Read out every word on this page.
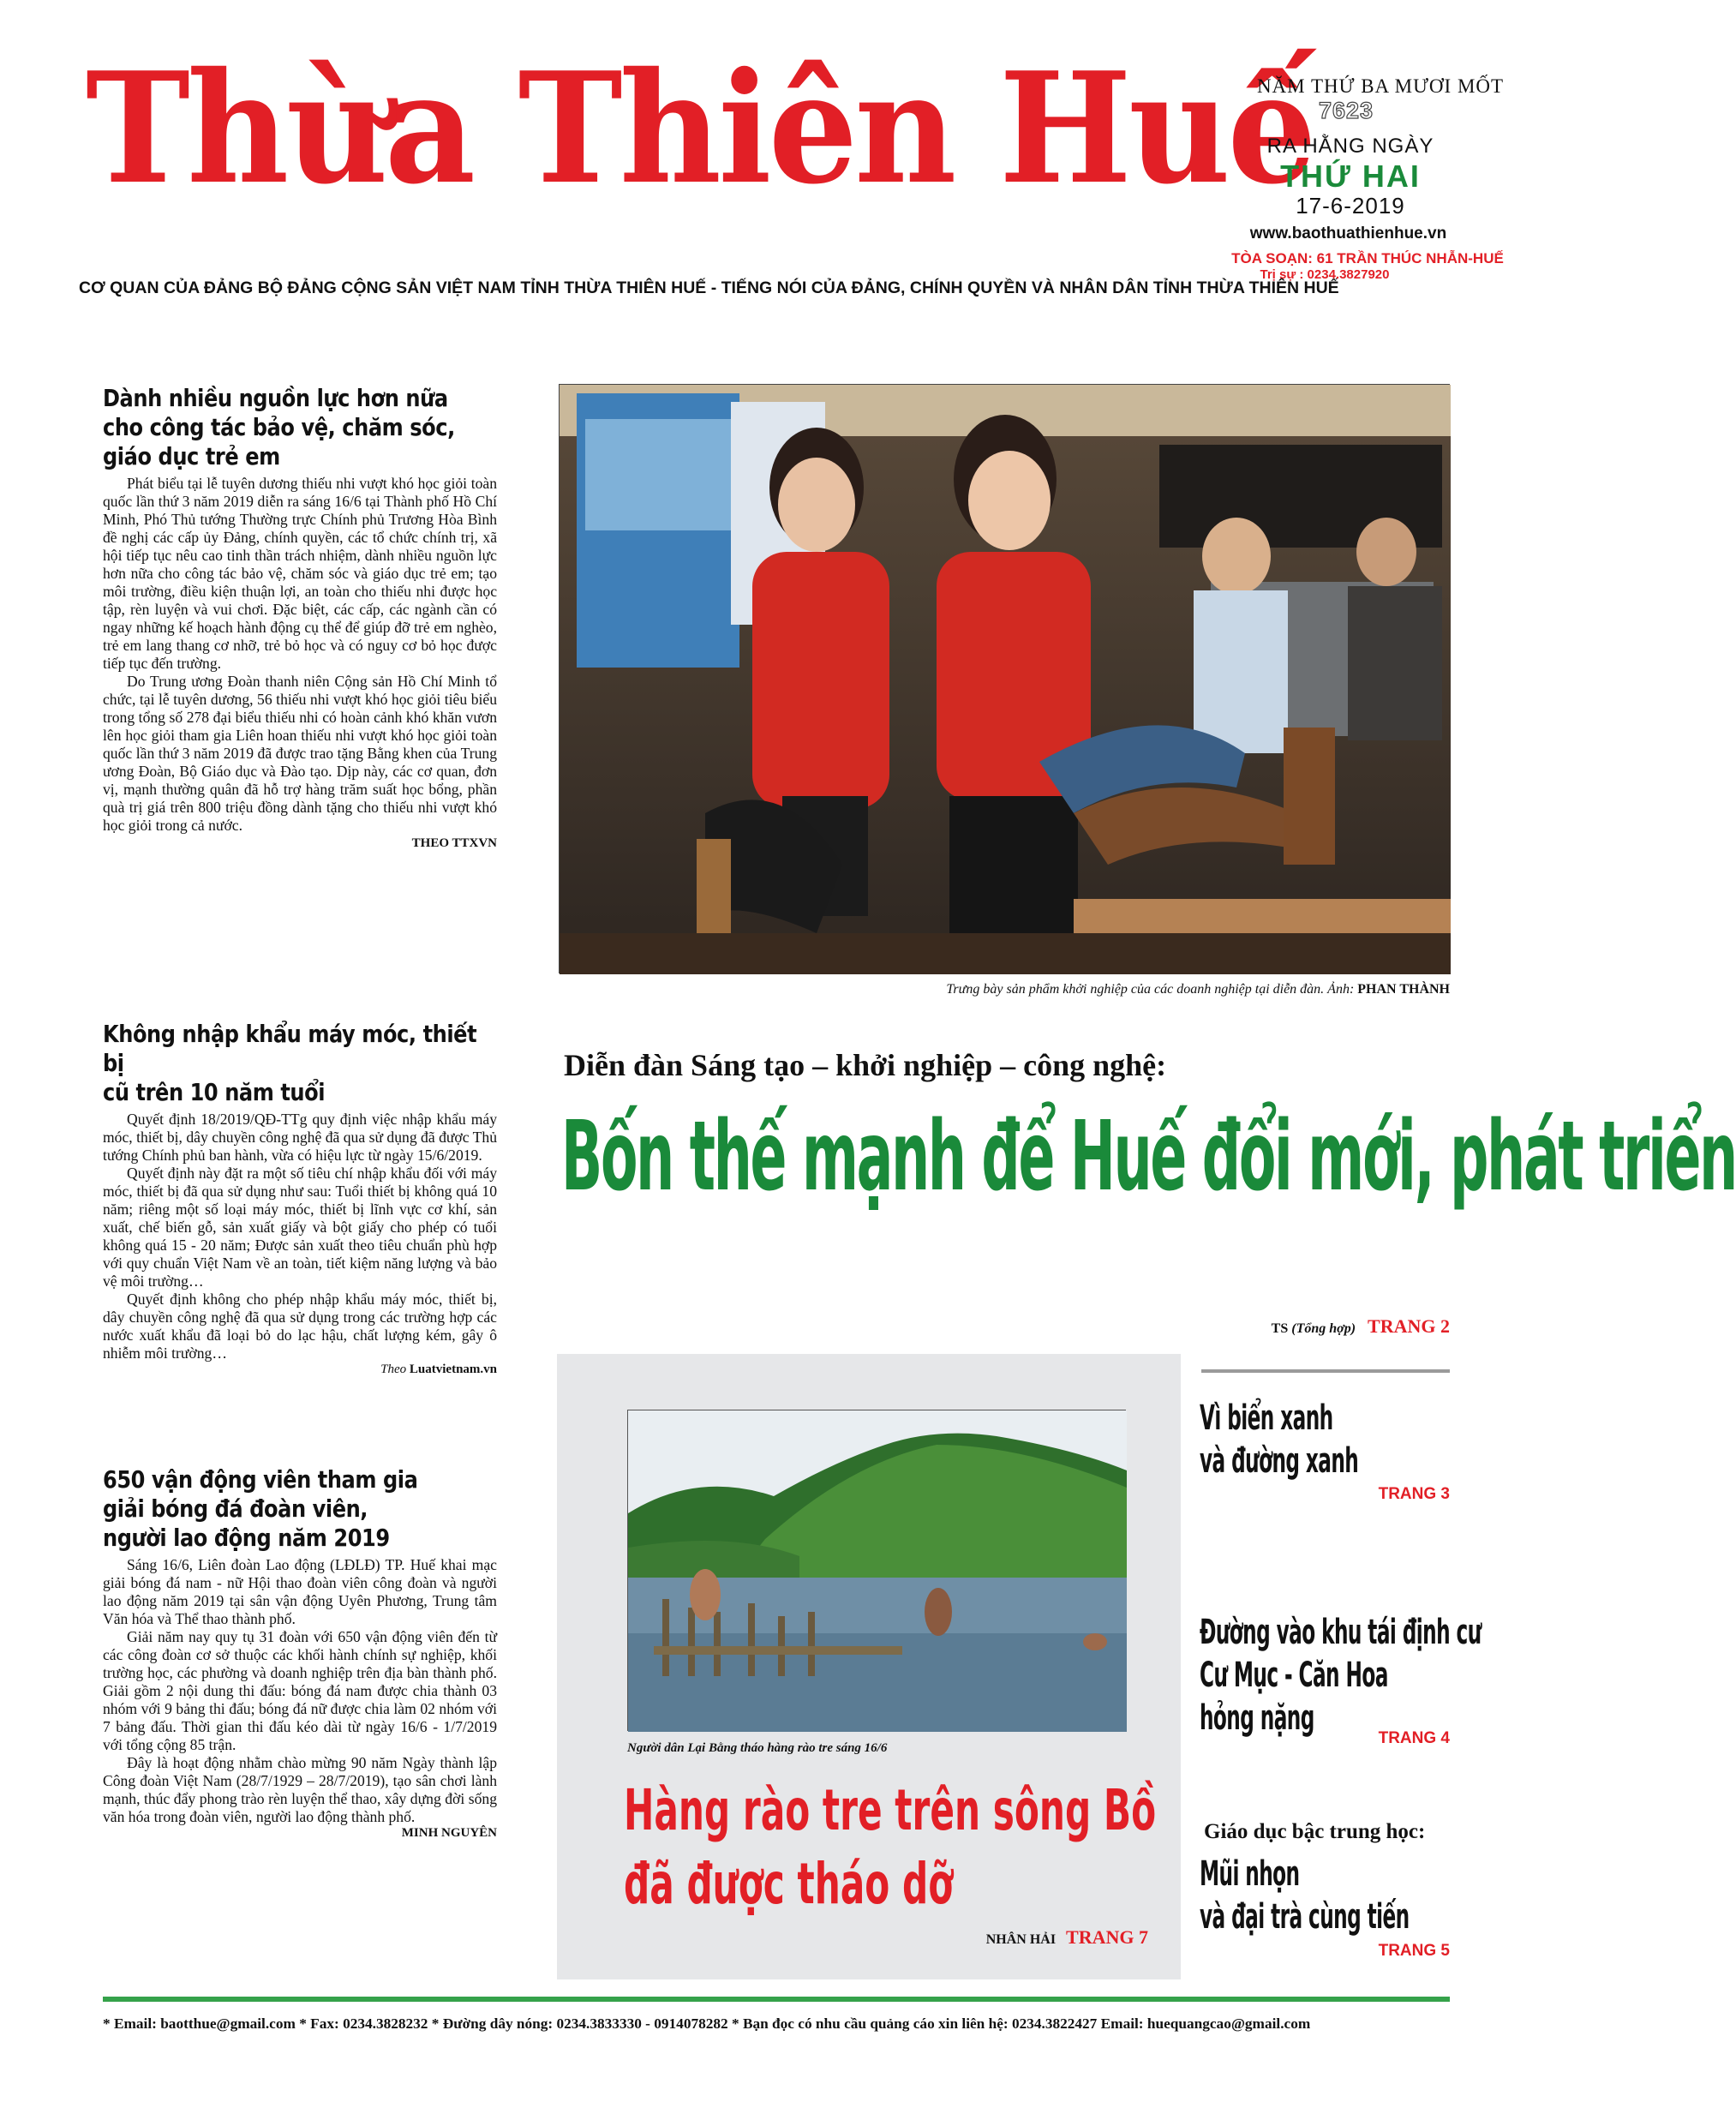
Thừa Thiên Huế
CƠ QUAN CỦA ĐẢNG BỘ ĐẢNG CỘNG SẢN VIỆT NAM TỈNH THỪA THIÊN HUẾ - TIẾNG NÓI CỦA ĐẢNG, CHÍNH QUYỀN VÀ NHÂN DÂN TỈNH THỪA THIÊN HUẾ
NĂM THỨ BA MƯƠI MỐT
7623
RA HẰNG NGÀY
THỨ HAI
17-6-2019
www.baothuathienhue.vn
TÒA SOẠN: 61 TRẦN THÚC NHẪN-HUẾ
Trị sự : 0234.3827920
Dành nhiều nguồn lực hơn nữa
cho công tác bảo vệ, chăm sóc,
giáo dục trẻ em

Phát biểu tại lễ tuyên dương thiếu nhi vượt khó học giỏi toàn quốc lần thứ 3 năm 2019 diễn ra sáng 16/6 tại Thành phố Hồ Chí Minh, Phó Thủ tướng Thường trực Chính phủ Trương Hòa Bình đề nghị các cấp ủy Đảng, chính quyền, các tổ chức chính trị, xã hội tiếp tục nêu cao tinh thần trách nhiệm, dành nhiều nguồn lực hơn nữa cho công tác bảo vệ, chăm sóc và giáo dục trẻ em; tạo môi trường, điều kiện thuận lợi, an toàn cho thiếu nhi được học tập, rèn luyện và vui chơi. Đặc biệt, các cấp, các ngành cần có ngay những kế hoạch hành động cụ thể để giúp đỡ trẻ em nghèo, trẻ em lang thang cơ nhỡ, trẻ bỏ học và có nguy cơ bỏ học được tiếp tục đến trường.

Do Trung ương Đoàn thanh niên Cộng sản Hồ Chí Minh tổ chức, tại lễ tuyên dương, 56 thiếu nhi vượt khó học giỏi tiêu biểu trong tổng số 278 đại biểu thiếu nhi có hoàn cảnh khó khăn vươn lên học giỏi tham gia Liên hoan thiếu nhi vượt khó học giỏi toàn quốc lần thứ 3 năm 2019 đã được trao tặng Bằng khen của Trung ương Đoàn, Bộ Giáo dục và Đào tạo. Dịp này, các cơ quan, đơn vị, mạnh thường quân đã hỗ trợ hàng trăm suất học bổng, phần quà trị giá trên 800 triệu đồng dành tặng cho thiếu nhi vượt khó học giỏi trong cả nước.

THEO TTXVN
Không nhập khẩu máy móc, thiết bị
cũ trên 10 năm tuổi

Quyết định 18/2019/QĐ-TTg quy định việc nhập khẩu máy móc, thiết bị, dây chuyền công nghệ đã qua sử dụng đã được Thủ tướng Chính phủ ban hành, vừa có hiệu lực từ ngày 15/6/2019.

Quyết định này đặt ra một số tiêu chí nhập khẩu đối với máy móc, thiết bị đã qua sử dụng như sau: Tuổi thiết bị không quá 10 năm; riêng một số loại máy móc, thiết bị lĩnh vực cơ khí, sản xuất, chế biến gỗ, sản xuất giấy và bột giấy cho phép có tuổi không quá 15 - 20 năm; Được sản xuất theo tiêu chuẩn phù hợp với quy chuẩn Việt Nam về an toàn, tiết kiệm năng lượng và bảo vệ môi trường…

Quyết định không cho phép nhập khẩu máy móc, thiết bị, dây chuyền công nghệ đã qua sử dụng trong các trường hợp các nước xuất khẩu đã loại bỏ do lạc hậu, chất lượng kém, gây ô nhiễm môi trường…

Theo Luatvietnam.vn
650 vận động viên tham gia
giải bóng đá đoàn viên,
người lao động năm 2019

Sáng 16/6, Liên đoàn Lao động (LĐLĐ) TP. Huế khai mạc giải bóng đá nam - nữ Hội thao đoàn viên công đoàn và người lao động năm 2019 tại sân vận động Uyên Phương, Trung tâm Văn hóa và Thể thao thành phố.

Giải năm nay quy tụ 31 đoàn với 650 vận động viên đến từ các công đoàn cơ sở thuộc các khối hành chính sự nghiệp, khối trường học, các phường và doanh nghiệp trên địa bàn thành phố. Giải gồm 2 nội dung thi đấu: bóng đá nam được chia thành 03 nhóm với 9 bảng thi đấu; bóng đá nữ được chia làm 02 nhóm với 7 bảng đấu. Thời gian thi đấu kéo dài từ ngày 16/6 - 1/7/2019 với tổng cộng 85 trận.

Đây là hoạt động nhằm chào mừng 90 năm Ngày thành lập Công đoàn Việt Nam (28/7/1929 – 28/7/2019), tạo sân chơi lành mạnh, thúc đẩy phong trào rèn luyện thể thao, xây dựng đời sống văn hóa trong đoàn viên, người lao động thành phố.

MINH NGUYÊN
Trưng bày sản phẩm khởi nghiệp của các doanh nghiệp tại diễn đàn. Ảnh: PHAN THÀNH
Diễn đàn Sáng tạo – khởi nghiệp – công nghệ:
Bốn thế mạnh để Huế đổi mới, phát triển
TS (Tổng hợp) TRANG 2
Người dân Lại Bằng tháo hàng rào tre sáng 16/6
Hàng rào tre trên sông Bồ
đã được tháo dỡ
NHÂN HẢI TRANG 7
Vì biển xanh
và đường xanh
TRANG 3
Đường vào khu tái định cư
Cư Mục - Căn Hoa
hỏng nặng
TRANG 4
Giáo dục bậc trung học:
Mũi nhọn
và đại trà cùng tiến
TRANG 5
* Email: baotthue@gmail.com * Fax: 0234.3828232 * Đường dây nóng: 0234.3833330 - 0914078282 * Bạn đọc có nhu cầu quảng cáo xin liên hệ: 0234.3822427 Email: huequangcao@gmail.com
